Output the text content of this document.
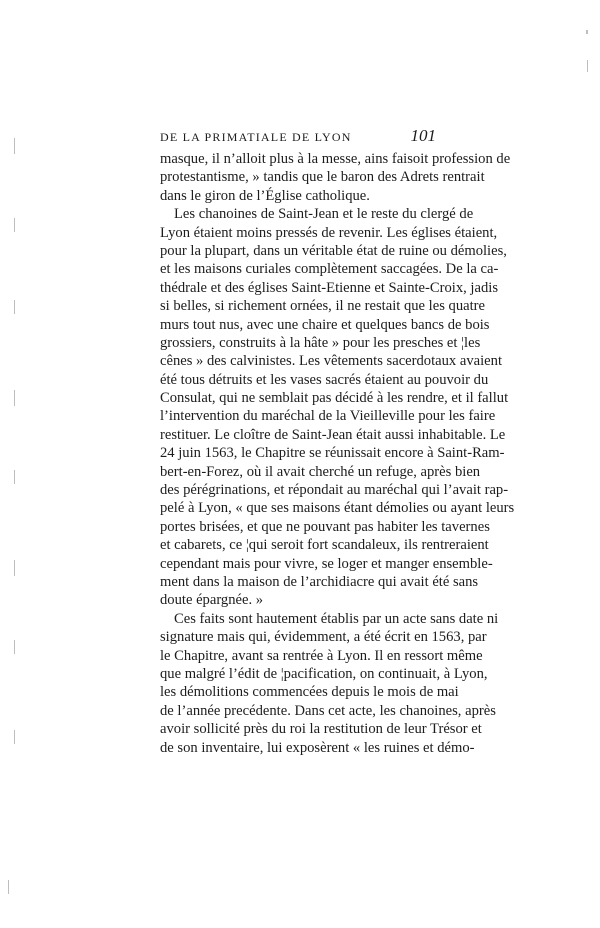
DE LA PRIMATIALE DE LYON	101
masque, il n’alloit plus à la messe, ains faisoit profession de
protestantisme, » tandis que le baron des Adrets rentrait
dans le giron de l’Église catholique.
Les chanoines de Saint-Jean et le reste du clergé de
Lyon étaient moins pressés de revenir. Les églises étaient,
pour la plupart, dans un véritable état de ruine ou démolies,
et les maisons curiales complètement saccagées. De la ca-
thédrale et des églises Saint-Etienne et Sainte-Croix, jadis
si belles, si richement ornées, il ne restait que les quatre
murs tout nus, avec une chaire et quelques bancs de bois
grossiers, construits à la hâte » pour les presches et ¦les
cênes » des calvinistes. Les vêtements sacerdotaux avaient
été tous détruits et les vases sacrés étaient au pouvoir du
Consulat, qui ne semblait pas décidé à les rendre, et il fallut
l’intervention du maréchal de la Vieilleville pour les faire
restituer. Le cloître de Saint-Jean était aussi inhabitable. Le
24 juin 1563, le Chapitre se réunissait encore à Saint-Ram-
bert-en-Forez, où il avait cherché un refuge, après bien
des pérégrinations, et répondait au maréchal qui l’avait rap-
pelé à Lyon, « que ses maisons étant démolies ou ayant leurs
portes brisées, et que ne pouvant pas habiter les tavernes
et cabarets, ce ¦qui seroit fort scandaleux, ils rentreraient
cependant mais pour vivre, se loger et manger ensemble-
ment dans la maison de l’archidiacre qui avait été sans
doute épargnée. »
Ces faits sont hautement établis par un acte sans date ni
signature mais qui, évidemment, a été écrit en 1563, par
le Chapitre, avant sa rentrée à Lyon. Il en ressort même
que malgré l’édit de ¦pacification, on continuait, à Lyon,
les démolitions commencées depuis le mois de mai
de l’année precédente. Dans cet acte, les chanoines, après
avoir sollicité près du roi la restitution de leur Trésor et
de son inventaire, lui exposèrent « les ruines et démo-
